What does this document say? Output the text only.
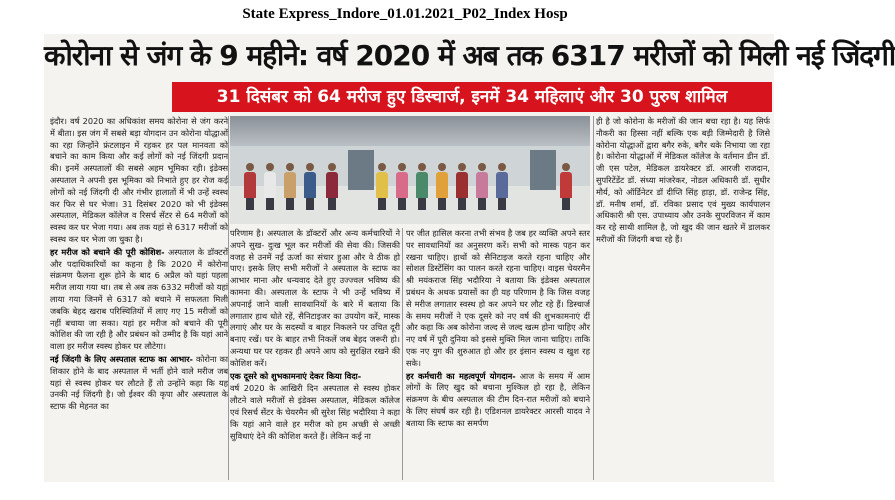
State Express_Indore_01.01.2021_P02_Index Hosp
कोरोना से जंग के 9 महीने: वर्ष 2020 में अब तक 6317 मरीजों को मिली नई जिंदगी
31 दिसंबर को 64 मरीज हुए डिस्चार्ज, इनमें 34 महिलाएं और 30 पुरुष शामिल

इंदौर। वर्ष 2020 का अधिकांश समय कोरोना से जंग करने में बीता। इस जंग में सबसे बड़ा योगदान उन कोरोना योद्धाओं का रहा जिन्होंने फ्रंटलाइन में रहकर हर पल मानवता को बचाने का काम किया और कई लोगों को नई जिंदगी प्रदान की। इनमें अस्पतालों की सबसे अहम भूमिका रही। इंडेक्स अस्पताल ने अपनी इस भूमिका को निभाते हुए हर रोज कई लोगों को नई जिंदगी दी और गंभीर हालातों में भी उन्हें स्वस्थ कर फिर से घर भेजा। 31 दिसंबर 2020 को भी इंडेक्स अस्पताल, मेडिकल कॉलेज व रिसर्च सेंटर से 64 मरीजों को स्वस्थ कर घर भेजा गया। अब तक यहां से 6317 मरीजों को स्वस्थ कर घर भेजा जा चुका है।

हर मरीज को बचाने की पूरी कोशिश- अस्पताल के डॉक्टरों और पदाधिकारियों का कहना है कि 2020 में कोरोना संक्रमण फैलना शुरू होने के बाद 6 अप्रैल को यहां पहला मरीज लाया गया था। तब से अब तक 6332 मरीजों को यहां लाया गया जिनमें से 6317 को बचाने में सफलता मिली जबकि बेहद खराब परिस्थितियों में लाए गए 15 मरीजों को नहीं बचाया जा सका। यहां हर मरीज को बचाने की पूरी कोशिश की जा रही है और प्रबंधन को उम्मीद है कि यहां आने वाला हर मरीज स्वस्थ होकर घर लौटेगा।

नई जिंदगी के लिए अस्पताल स्टाफ का आभार- कोरोना का शिकार होने के बाद अस्पताल में भर्ती होने वाले मरीज जब यहां से स्वस्थ होकर घर लौटते हैं तो उन्होंने कहा कि यह उनकी नई जिंदगी है। जो ईश्वर की कृपा और अस्पताल के स्टाफ की मेहनत का

परिणाम है। अस्पताल के डॉक्टरों और अन्य कर्मचारियों ने अपने सुख- दुःख भूल कर मरीजों की सेवा की। जिसकी वजह से उनमें नई ऊर्जा का संचार हुआ और वे ठीक हो पाए। इसके लिए सभी मरीजों ने अस्पताल के स्टाफ का आभार माना और धन्यवाद देते हुए उज्ज्वल भविष्य की कामना की। अस्पताल के स्टाफ ने भी उन्हें भविष्य में अपनाई जाने वाली सावधानियों के बारे में बताया कि लगातार हाथ धोते रहें, सैनिटाइजर का उपयोग करें, मास्क लगाएं और घर के सदस्यों व बाहर निकलने पर उचित दूरी बनाए रखें। घर के बाहर तभी निकलें जब बेहद जरूरी हो। अन्यथा घर पर रहकर ही अपने आप को सुरक्षित रखने की कोशिश करें।

एक दूसरे को शुभकामनाएं देकर किया विदा-

वर्ष 2020 के आखिरी दिन अस्पताल से स्वस्थ होकर लौटने वाले मरीजों से इंडेक्स अस्पताल, मेडिकल कॉलेज एवं रिसर्च सेंटर के चेयरमैन श्री सुरेश सिंह भदौरिया ने कहा कि यहां आने वाले हर मरीज को हम अच्छी से अच्छी सुविधाएं देने की कोशिश करते हैं। लेकिन कई ना

पर जीत हासिल करना तभी संभव है जब हर व्यक्ति अपने स्तर पर सावधानियों का अनुसरण करें। सभी को मास्क पहन कर रखना चाहिए। हाथों को सैनिटाइज करते रहना चाहिए और सोशल डिस्टेंसिंग का पालन करते रहना चाहिए। वाइस चेयरमैन श्री मयंकराज सिंह भदौरिया ने बताया कि इंडेक्स अस्पताल प्रबंधन के अथक प्रयासों का ही यह परिणाम है कि जिस वजह से मरीज लगातार स्वस्थ हो कर अपने घर लौट रहे हैं। डिस्चार्ज के समय मरीजों ने एक दूसरे को नए वर्ष की शुभकामनाएं दीं और कहा कि अब कोरोना जल्द से जल्द खत्म होना चाहिए और नए वर्ष में पूरी दुनिया को इससे मुक्ति मिल जाना चाहिए। ताकि एक नए युग की शुरुआत हो और हर इंसान स्वस्थ व खुश रह सके।

हर कर्मचारी का महत्वपूर्ण योगदान- आज के समय में आम लोगों के लिए खुद को बचाना मुश्किल हो रहा है, लेकिन संक्रमण के बीच अस्पताल की टीम दिन-रात मरीजों को बचाने के लिए संघर्ष कर रही है। एडिशनल डायरेक्टर आरसी यादव ने बताया कि स्टाफ का समर्पण

ही है जो कोरोना के मरीजों की जान बचा रहा है। यह सिर्फ नौकरी का हिस्सा नहीं बल्कि एक बड़ी जिम्मेदारी है जिसे कोरोना योद्धाओं द्वारा बगैर रुके, बगैर थके निभाया जा रहा है। कोरोना योद्धाओं में मेडिकल कॉलेज के वर्तमान डीन डॉ. जी एस पटेल, मेडिकल डायरेक्टर डॉ. आरजी राजदान, सुपरिटेंडेंट डॉ. संध्या मांजरेकर, नोडल अधिकारी डॉ. सुधीर मौर्य, को ऑर्डिनेटर डॉ दीप्ति सिंह हाड़ा, डॉ. राजेन्द्र सिंह, डॉ. मनीष शर्मा, डॉ. रविका प्रसाद एवं मुख्य कार्यपालन अधिकारी श्री एस. उपाध्याय और उनके सुपरविजन में काम कर रहे साथी शामिल है, जो खुद की जान खतरे में डालकर मरीजों की जिंदगी बचा रहे हैं।
